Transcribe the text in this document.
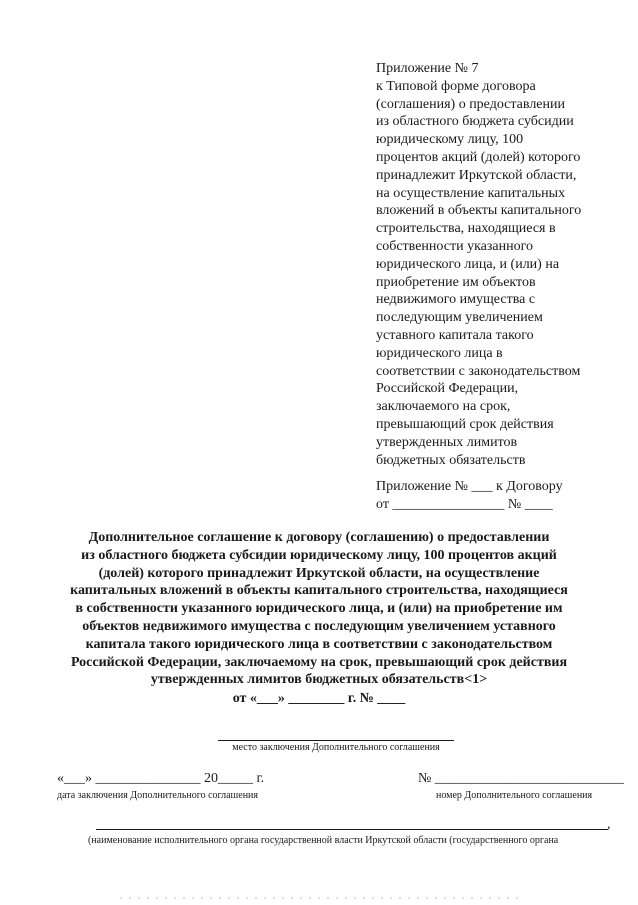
Приложение № 7
к Типовой форме договора
(соглашения) о предоставлении
из областного бюджета субсидии
юридическому лицу, 100
процентов акций (долей) которого
принадлежит Иркутской области,
на осуществление капитальных
вложений в объекты капитального
строительства, находящиеся в
собственности указанного
юридического лица, и (или) на
приобретение им объектов
недвижимого имущества с
последующим увеличением
уставного капитала такого
юридического лица в
соответствии с законодательством
Российской Федерации,
заключаемого на срок,
превышающий срок действия
утвержденных лимитов
бюджетных обязательств
Приложение № ___ к Договору
от ________________ № ____
Дополнительное соглашение к договору (соглашению) о предоставлении
из областного бюджета субсидии юридическому лицу, 100 процентов акций
(долей) которого принадлежит Иркутской области, на осуществление
капитальных вложений в объекты капитального строительства, находящиеся
в собственности указанного юридического лица, и (или) на приобретение им
объектов недвижимого имущества с последующим увеличением уставного
капитала такого юридического лица в соответствии с законодательством
Российской Федерации, заключаемому на срок, превышающий срок действия
утвержденных лимитов бюджетных обязательств<1>
от «___» ________ г. № ____
место заключения Дополнительного соглашения
«___» _______________ 20_____ г.
дата заключения Дополнительного соглашения
№ ___________________________
номер Дополнительного соглашения
,
(наименование исполнительного органа государственной власти Иркутской области (государственного органа
